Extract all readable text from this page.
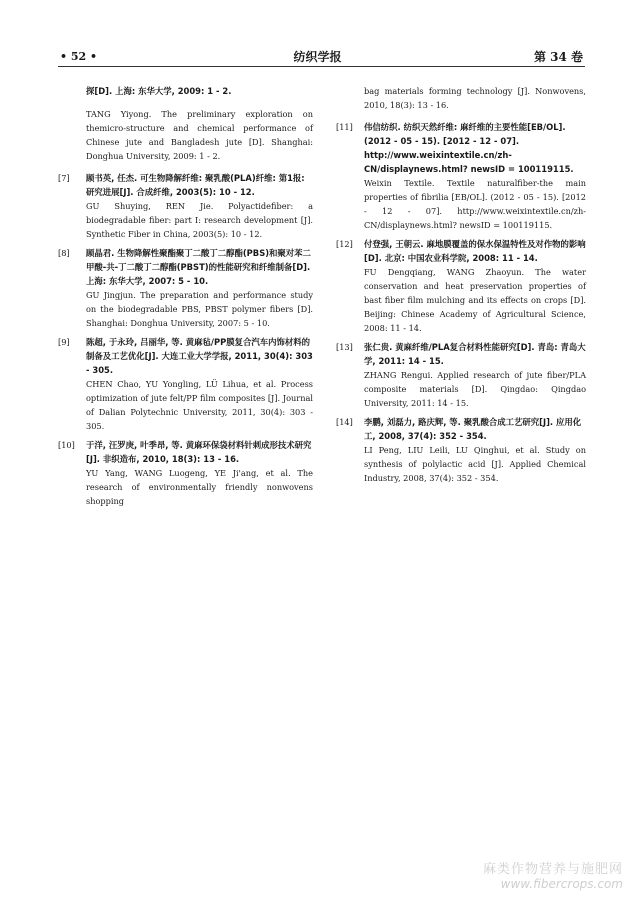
• 52 •	纺织学报	第 34 卷

探[D]. 上海: 东华大学, 2009: 1 - 2.

TANG Yiyong. The preliminary exploration on themicro-structure and chemical performance of Chinese jute and Bangladesh jute [D]. Shanghai: Donghua University, 2009: 1 - 2.

[7] 顾书英, 任杰. 可生物降解纤维: 聚乳酸(PLA)纤维: 第1报: 研究进展[J]. 合成纤维, 2003(5): 10 - 12.

GU Shuying, REN Jie. Polyactidefiber: a biodegradable fiber: part I: research development [J]. Synthetic Fiber in China, 2003(5): 10 - 12.

[8] 顾晶君. 生物降解性聚酯聚丁二酸丁二醇酯(PBS)和聚对苯二甲酸-共-丁二酸丁二醇酯(PBST)的性能研究和纤维制备[D]. 上海: 东华大学, 2007: 5 - 10.

GU Jingjun. The preparation and performance study on the biodegradable PBS, PBST polymer fibers [D]. Shanghai: Donghua University, 2007: 5 - 10.

[9] 陈超, 于永玲, 吕丽华, 等. 黄麻毡/PP膜复合汽车内饰材料的制备及工艺优化[J]. 大连工业大学学报, 2011, 30(4): 303 - 305.

CHEN Chao, YU Yongling, LÜ Lihua, et al. Process optimization of jute felt/PP film composites [J]. Journal of Dalian Polytechnic University, 2011, 30(4): 303 - 305.

[10] 于洋, 汪罗庚, 叶季昂, 等. 黄麻环保袋材料针刺成形技术研究[J]. 非织造布, 2010, 18(3): 13 - 16.

YU Yang, WANG Luogeng, YE Ji'ang, et al. The research of environmentally friendly nonwovens shopping

bag materials forming technology [J]. Nonwovens, 2010, 18(3): 13 - 16.

[11] 伟信纺织. 纺织天然纤维: 麻纤维的主要性能[EB/OL]. (2012 - 05 - 15). [2012 - 12 - 07]. http://www.weixintextile.cn/zh-CN/displaynews.html? newsID = 100119115.

Weixin Textile. Textile naturalfiber-the main properties of fibrilia [EB/OL]. (2012 - 05 - 15). [2012 - 12 - 07]. http://www.weixintextile.cn/zh-CN/displaynews.html? newsID = 100119115.

[12] 付登强, 王朝云. 麻地膜覆盖的保水保温特性及对作物的影响[D]. 北京: 中国农业科学院, 2008: 11 - 14.

FU Dengqiang, WANG Zhaoyun. The water conservation and heat preservation properties of bast fiber film mulching and its effects on crops [D]. Beijing: Chinese Academy of Agricultural Science, 2008: 11 - 14.

[13] 张仁贵. 黄麻纤维/PLA复合材料性能研究[D]. 青岛: 青岛大学, 2011: 14 - 15.

ZHANG Rengui. Applied research of jute fiber/PLA composite materials [D]. Qingdao: Qingdao University, 2011: 14 - 15.

[14] 李鹏, 刘磊力, 路庆辉, 等. 聚乳酸合成工艺研究[J]. 应用化工, 2008, 37(4): 352 - 354.

LI Peng, LIU Leili, LU Qinghui, et al. Study on synthesis of polylactic acid [J]. Applied Chemical Industry, 2008, 37(4): 352 - 354.

麻类作物营养与施肥网
www.fibercrops.com
